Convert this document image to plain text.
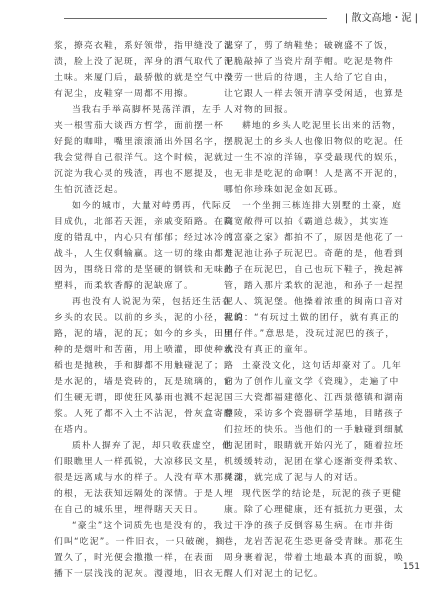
| 散文高地・泥 |
浆，撩亮衣鞋，系好领带，指甲缝没了泥
渍，脸上没了泥斑，浑身的洒气取代了泥
土味。来厦门后，最骄傲的就是空气中没
有泥尘，皮鞋穿一周都不用擦。
当我右手举高脚杯晃荡洋酒，左手
夹一根雪茄大谈西方哲学，面前摆一杯
好髭的咖啡，嘴里滚滚涌出外国名字，
我会觉得自己很洋气。这个时候，泥就
沉淀为我心灵的残渣，再也不愿提及，
生怕沉渣泛起。
如今的城市，大量对峙勇再，代际反
目成仇，北部若天涯，亲戚变陌路。在高
度的错乱中，内心只有郁郁；经过冰冷的
战斗，人生仅剩输赢。这一切的缘由都是
因为，围绕日常的是坚硬的钢铁和无味的
塑料，而柔软香醇的泥缺席了。
再也没有人说泥为荣，包括还生活在
乡头的农民。以前的乡头，泥的小径，泥的
路，泥的墙，泥的瓦；如今的乡头，田里
种的是烟叶和苦菌，用上喷灌，即使种水
稻也是抛秧，手和脚都不用触碰泥了；路
是水泥的，墙是瓷砖的，瓦是琉璃的，它
们生硬无谓，即使狂风暴雨也溅不起泥
浆。人死了都不入土不沾泥，骨灰盒寄存
在塔内。
质朴人摒弃了泥，却只收获虚空，他
们眼瞧里人一样孤锐，大凉移民文星，
很是远离咸与水的样子。人没有草木那样深
的根，无法获知远隔处的深情。于是人埋
在自己的城乐里，埋得瞎天天日。
“豪尘”这个词质先也是没有的，我
们叫“吃泥”。一件旧衣，一只破碗，搁
置久了，时光便会撒撒一样，在表面
播下一层浅浅的泥灰。漫漫地，旧衣无
法穿了，剪了纳鞋垫；破碗盛不了饭，
干脆敲掉了当瓷片刮芋帽。吃泥是物件
辛劳一世后的待遇，主人给了它自由，
让它跟人一样去领开清享受闲适，也算是
人对物的回报。
耕地的乡头人吃泥里长出来的活物，
摆脱泥土的乡头人也像旧物似的吃泥。任
过一生不凉的洋锦，享受最现代的娱乐，
也无非是吃泥的命啊！人是离不开泥的，
哪怕你珍珠如泥金如瓦砾。
一个坐拥三栋连排大别墅的土豪，庭
院宽敞得可以拍《霸道总裁》，其实连
《富豪之家》都拍不了，原因是他花了一
方泥池让孙子玩泥巴。奇葩的是，他看到
孙子在玩泥巴，自己也玩下鞋子，挽起裤
管，踏入那片柔软的泥池，和孙子一起捏
泥人、筑泥堡。他操着浓重的闽南口音对
我说：“有玩过土做的团仔，就有真正的
团仔伴。”意思是，没玩过泥巴的孩子，
就没有真正的童年。
土豪没文化，这句话却豪对了。几年
前为了创作儿童文学《瓷瑰》，走遍了中
国三大瓷都福建德化、江西景德镇和湖南
醴陵，采访多个瓷器研学基地，目睹孩子
们拉坯的快乐。当他们的一手触碰到细腻
的泥团时，眼睛就开始闪光了，随着拉坯
机缓缓转动，泥团在掌心逐渐变得柔软、
灵动，就完成了泥与人的对话。
现代医学的结论是，玩泥的孩子更健
康。除了心理健康，还有抵抗力更强，太
过干净的孩子反倒容易生病。在市井街
巷，龙岩苦泥花生恐更备受青睐。那花生
周身裹着泥，带着土地最本真的面貌，唤
醒人们对泥土的记忆。
151
